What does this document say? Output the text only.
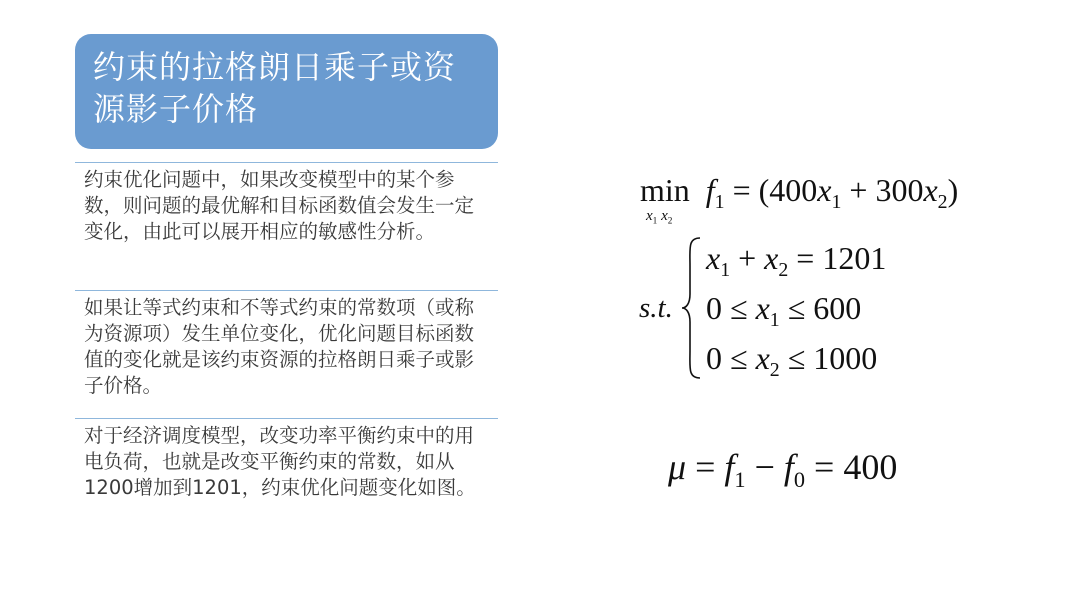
约束的拉格朗日乘子或资源影子价格
约束优化问题中，如果改变模型中的某个参数，则问题的最优解和目标函数值会发生一定变化，由此可以展开相应的敏感性分析。
如果让等式约束和不等式约束的常数项（或称为资源项）发生单位变化，优化问题目标函数值的变化就是该约束资源的拉格朗日乘子或影子价格。
对于经济调度模型，改变功率平衡约束中的用电负荷，也就是改变平衡约束的常数，如从1200增加到1201，约束优化问题变化如图。
min
$x_1$ $x_2$
$f_1 = (400x_1 + 300x_2)$
s.t.
$x_1 + x_2 = 1201$
$0 \le x_1 \le 600$
$0 \le x_2 \le 1000$
$\mu = f_1 - f_0 = 400$
